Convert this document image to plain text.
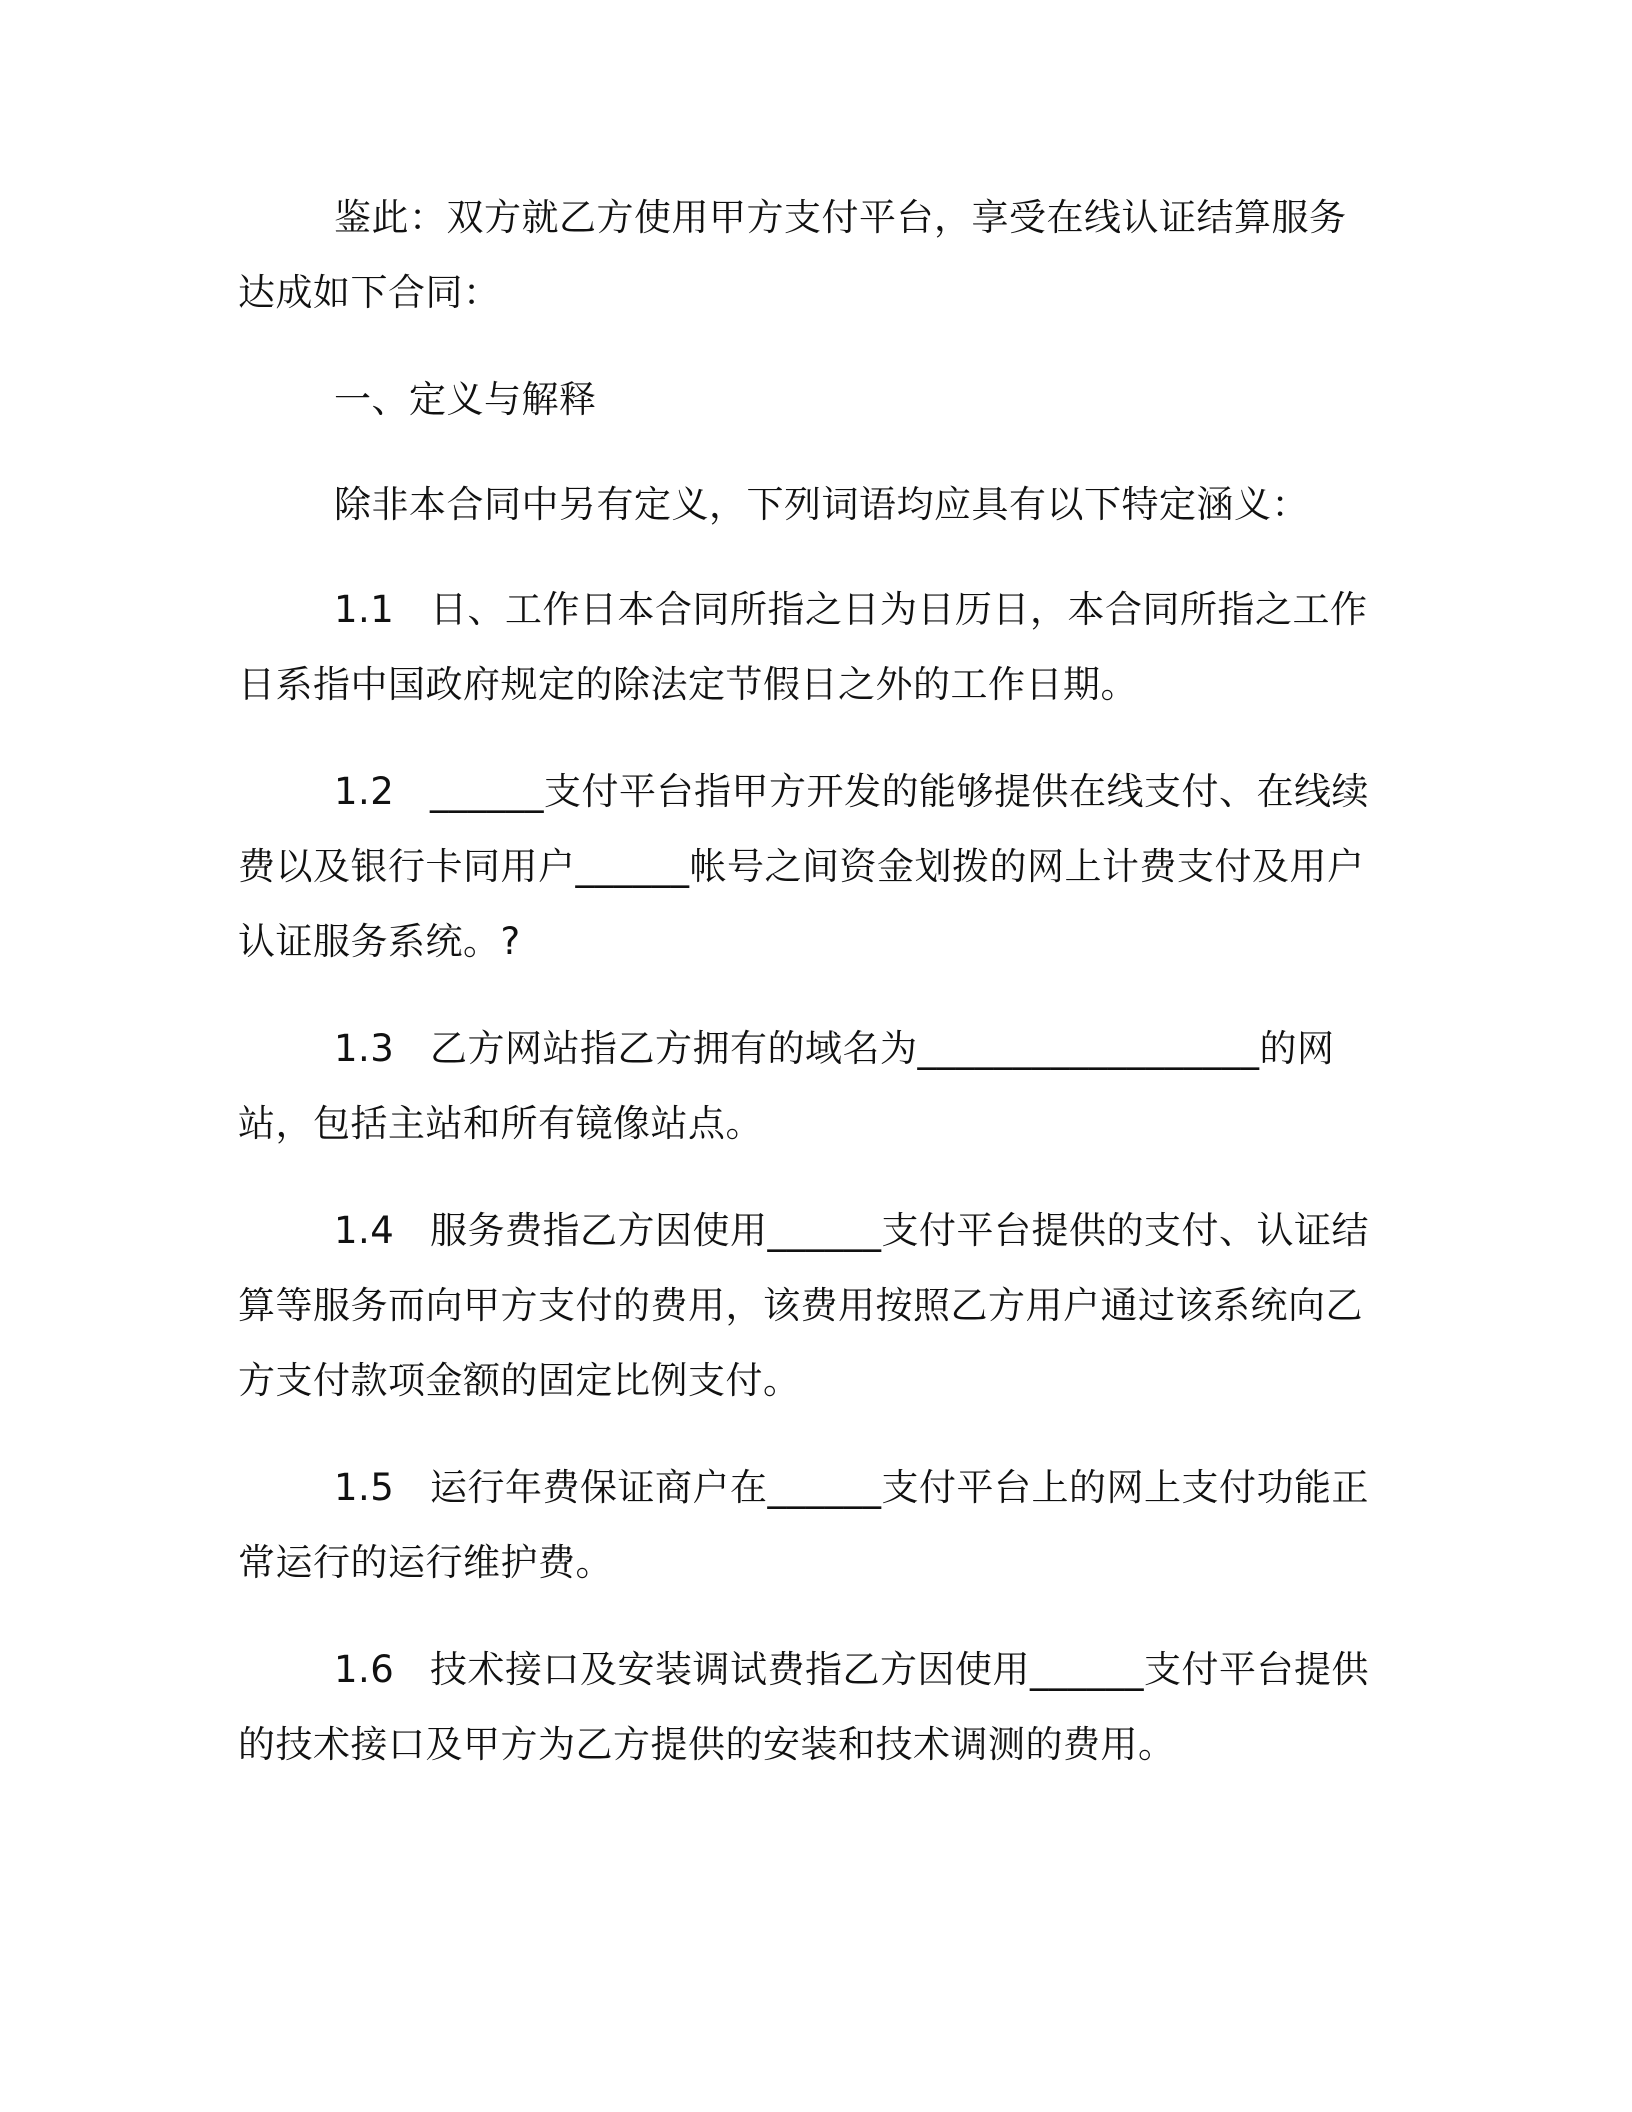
鉴此：双方就乙方使用甲方支付平台，享受在线认证结算服务达成如下合同：

一、定义与解释

除非本合同中另有定义，下列词语均应具有以下特定涵义：

1.1 日、工作日本合同所指之日为日历日，本合同所指之工作日系指中国政府规定的除法定节假日之外的工作日期。

1.2 ______支付平台指甲方开发的能够提供在线支付、在线续费以及银行卡同用户______帐号之间资金划拨的网上计费支付及用户认证服务系统。?

1.3 乙方网站指乙方拥有的域名为__________________的网站，包括主站和所有镜像站点。

1.4 服务费指乙方因使用______支付平台提供的支付、认证结算等服务而向甲方支付的费用，该费用按照乙方用户通过该系统向乙方支付款项金额的固定比例支付。

1.5 运行年费保证商户在______支付平台上的网上支付功能正常运行的运行维护费。

1.6 技术接口及安装调试费指乙方因使用______支付平台提供的技术接口及甲方为乙方提供的安装和技术调测的费用。
